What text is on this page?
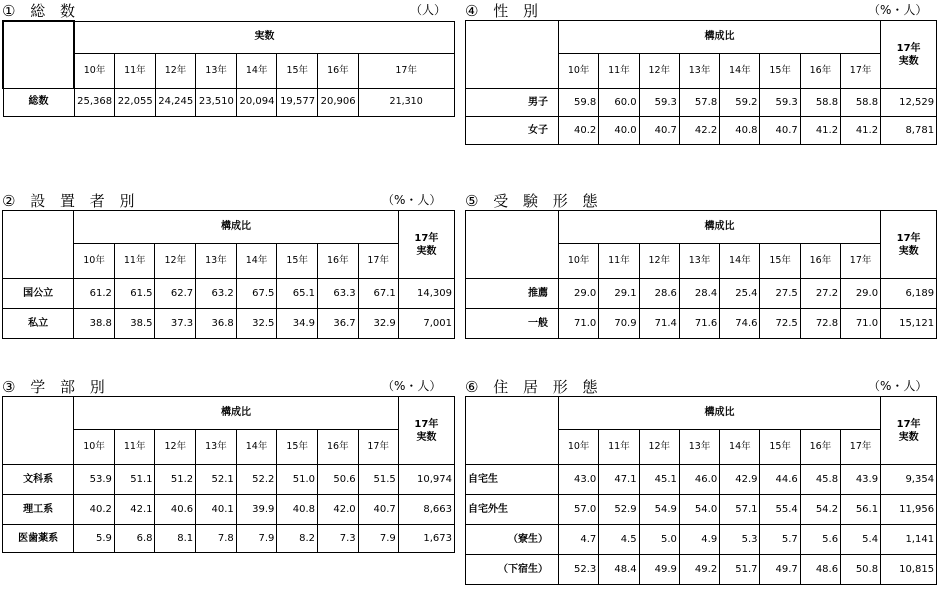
① 総 数	（人）
	実数							
	10年	11年	12年	13年	14年	15年	16年	17年
総数	25,368	22,055	24,245	23,510	20,094	19,577	20,906	21,310
② 設 置 者 別	（%・人）
	構成比								17年
実数
	10年	11年	12年	13年	14年	15年	16年	17年	
国公立	61.2	61.5	62.7	63.2	67.5	65.1	63.3	67.1	14,309
私立	38.8	38.5	37.3	36.8	32.5	34.9	36.7	32.9	7,001
③ 学 部 別	（%・人）
	構成比								17年
実数
	10年	11年	12年	13年	14年	15年	16年	17年	
文科系	53.9	51.1	51.2	52.1	52.2	51.0	50.6	51.5	10,974
理工系	40.2	42.1	40.6	40.1	39.9	40.8	42.0	40.7	8,663
医歯薬系	5.9	6.8	8.1	7.8	7.9	8.2	7.3	7.9	1,673
④ 性 別	（%・人）
	構成比								17年
実数
	10年	11年	12年	13年	14年	15年	16年	17年	
男子	59.8	60.0	59.3	57.8	59.2	59.3	58.8	58.8	12,529
女子	40.2	40.0	40.7	42.2	40.8	40.7	41.2	41.2	8,781
⑤ 受 験 形 態
	構成比								17年
実数
	10年	11年	12年	13年	14年	15年	16年	17年	
推薦	29.0	29.1	28.6	28.4	25.4	27.5	27.2	29.0	6,189
一般	71.0	70.9	71.4	71.6	74.6	72.5	72.8	71.0	15,121
⑥ 住 居 形 態	（%・人）
	構成比								17年
実数
	10年	11年	12年	13年	14年	15年	16年	17年	
自宅生	43.0	47.1	45.1	46.0	42.9	44.6	45.8	43.9	9,354
自宅外生	57.0	52.9	54.9	54.0	57.1	55.4	54.2	56.1	11,956
（寮生）	4.7	4.5	5.0	4.9	5.3	5.7	5.6	5.4	1,141
（下宿生）	52.3	48.4	49.9	49.2	51.7	49.7	48.6	50.8	10,815
